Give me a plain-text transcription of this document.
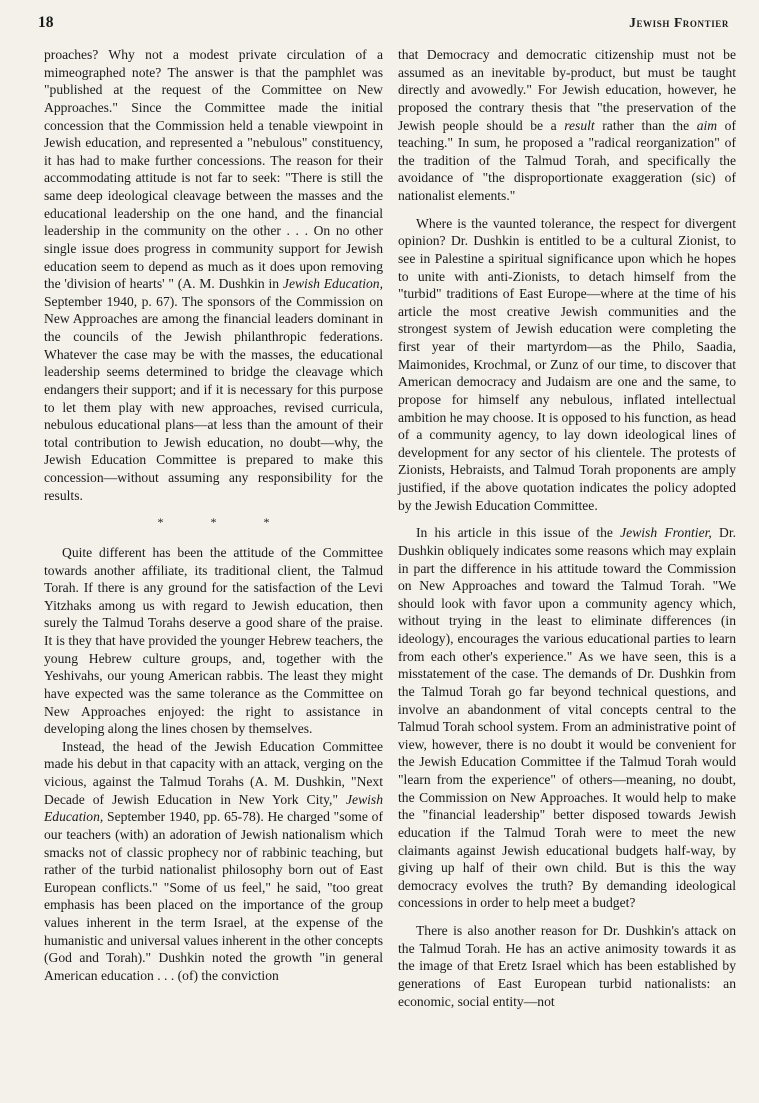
18	Jewish Frontier

proaches? Why not a modest private circulation of a mimeographed note? The answer is that the pamphlet was "published at the request of the Committee on New Approaches." Since the Committee made the initial concession that the Commission held a tenable viewpoint in Jewish education, and represented a "nebulous" constituency, it has had to make further concessions. The reason for their accommodating attitude is not far to seek: "There is still the same deep ideological cleavage between the masses and the educational leadership on the one hand, and the financial leadership in the community on the other . . . On no other single issue does progress in community support for Jewish education seem to depend as much as it does upon removing the 'division of hearts' " (A. M. Dushkin in Jewish Education, September 1940, p. 67). The sponsors of the Commission on New Approaches are among the financial leaders dominant in the councils of the Jewish philanthropic federations. Whatever the case may be with the masses, the educational leadership seems determined to bridge the cleavage which endangers their support; and if it is necessary for this purpose to let them play with new approaches, revised curricula, nebulous educational plans—at less than the amount of their total contribution to Jewish education, no doubt—why, the Jewish Education Committee is prepared to make this concession—without assuming any responsibility for the results.

* * *

Quite different has been the attitude of the Committee towards another affiliate, its traditional client, the Talmud Torah. If there is any ground for the satisfaction of the Levi Yitzhaks among us with regard to Jewish education, then surely the Talmud Torahs deserve a good share of the praise. It is they that have provided the younger Hebrew teachers, the young Hebrew culture groups, and, together with the Yeshivahs, our young American rabbis. The least they might have expected was the same tolerance as the Committee on New Approaches enjoyed: the right to assistance in developing along the lines chosen by themselves.

Instead, the head of the Jewish Education Committee made his debut in that capacity with an attack, verging on the vicious, against the Talmud Torahs (A. M. Dushkin, "Next Decade of Jewish Education in New York City," Jewish Education, September 1940, pp. 65-78). He charged "some of our teachers (with) an adoration of Jewish nationalism which smacks not of classic prophecy nor of rabbinic teaching, but rather of the turbid nationalist philosophy born out of East European conflicts." "Some of us feel," he said, "too great emphasis has been placed on the importance of the group values inherent in the term Israel, at the expense of the humanistic and universal values inherent in the other concepts (God and Torah)." Dushkin noted the growth "in general American education . . . (of) the conviction

that Democracy and democratic citizenship must not be assumed as an inevitable by-product, but must be taught directly and avowedly." For Jewish education, however, he proposed the contrary thesis that "the preservation of the Jewish people should be a result rather than the aim of teaching." In sum, he proposed a "radical reorganization" of the tradition of the Talmud Torah, and specifically the avoidance of "the disproportionate exaggeration (sic) of nationalist elements."

Where is the vaunted tolerance, the respect for divergent opinion? Dr. Dushkin is entitled to be a cultural Zionist, to see in Palestine a spiritual significance upon which he hopes to unite with anti-Zionists, to detach himself from the "turbid" traditions of East Europe—where at the time of his article the most creative Jewish communities and the strongest system of Jewish education were completing the first year of their martyrdom—as the Philo, Saadia, Maimonides, Krochmal, or Zunz of our time, to discover that American democracy and Judaism are one and the same, to propose for himself any nebulous, inflated intellectual ambition he may choose. It is opposed to his function, as head of a community agency, to lay down ideological lines of development for any sector of his clientele. The protests of Zionists, Hebraists, and Talmud Torah proponents are amply justified, if the above quotation indicates the policy adopted by the Jewish Education Committee.

In his article in this issue of the Jewish Frontier, Dr. Dushkin obliquely indicates some reasons which may explain in part the difference in his attitude toward the Commission on New Approaches and toward the Talmud Torah. "We should look with favor upon a community agency which, without trying in the least to eliminate differences (in ideology), encourages the various educational parties to learn from each other's experience." As we have seen, this is a misstatement of the case. The demands of Dr. Dushkin from the Talmud Torah go far beyond technical questions, and involve an abandonment of vital concepts central to the Talmud Torah school system. From an administrative point of view, however, there is no doubt it would be convenient for the Jewish Education Committee if the Talmud Torah would "learn from the experience" of others—meaning, no doubt, the Commission on New Approaches. It would help to make the "financial leadership" better disposed towards Jewish education if the Talmud Torah were to meet the new claimants against Jewish educational budgets half-way, by giving up half of their own child. But is this the way democracy evolves the truth? By demanding ideological concessions in order to help meet a budget?

There is also another reason for Dr. Dushkin's attack on the Talmud Torah. He has an active animosity towards it as the image of that Eretz Israel which has been established by generations of East European turbid nationalists: an economic, social entity—not
